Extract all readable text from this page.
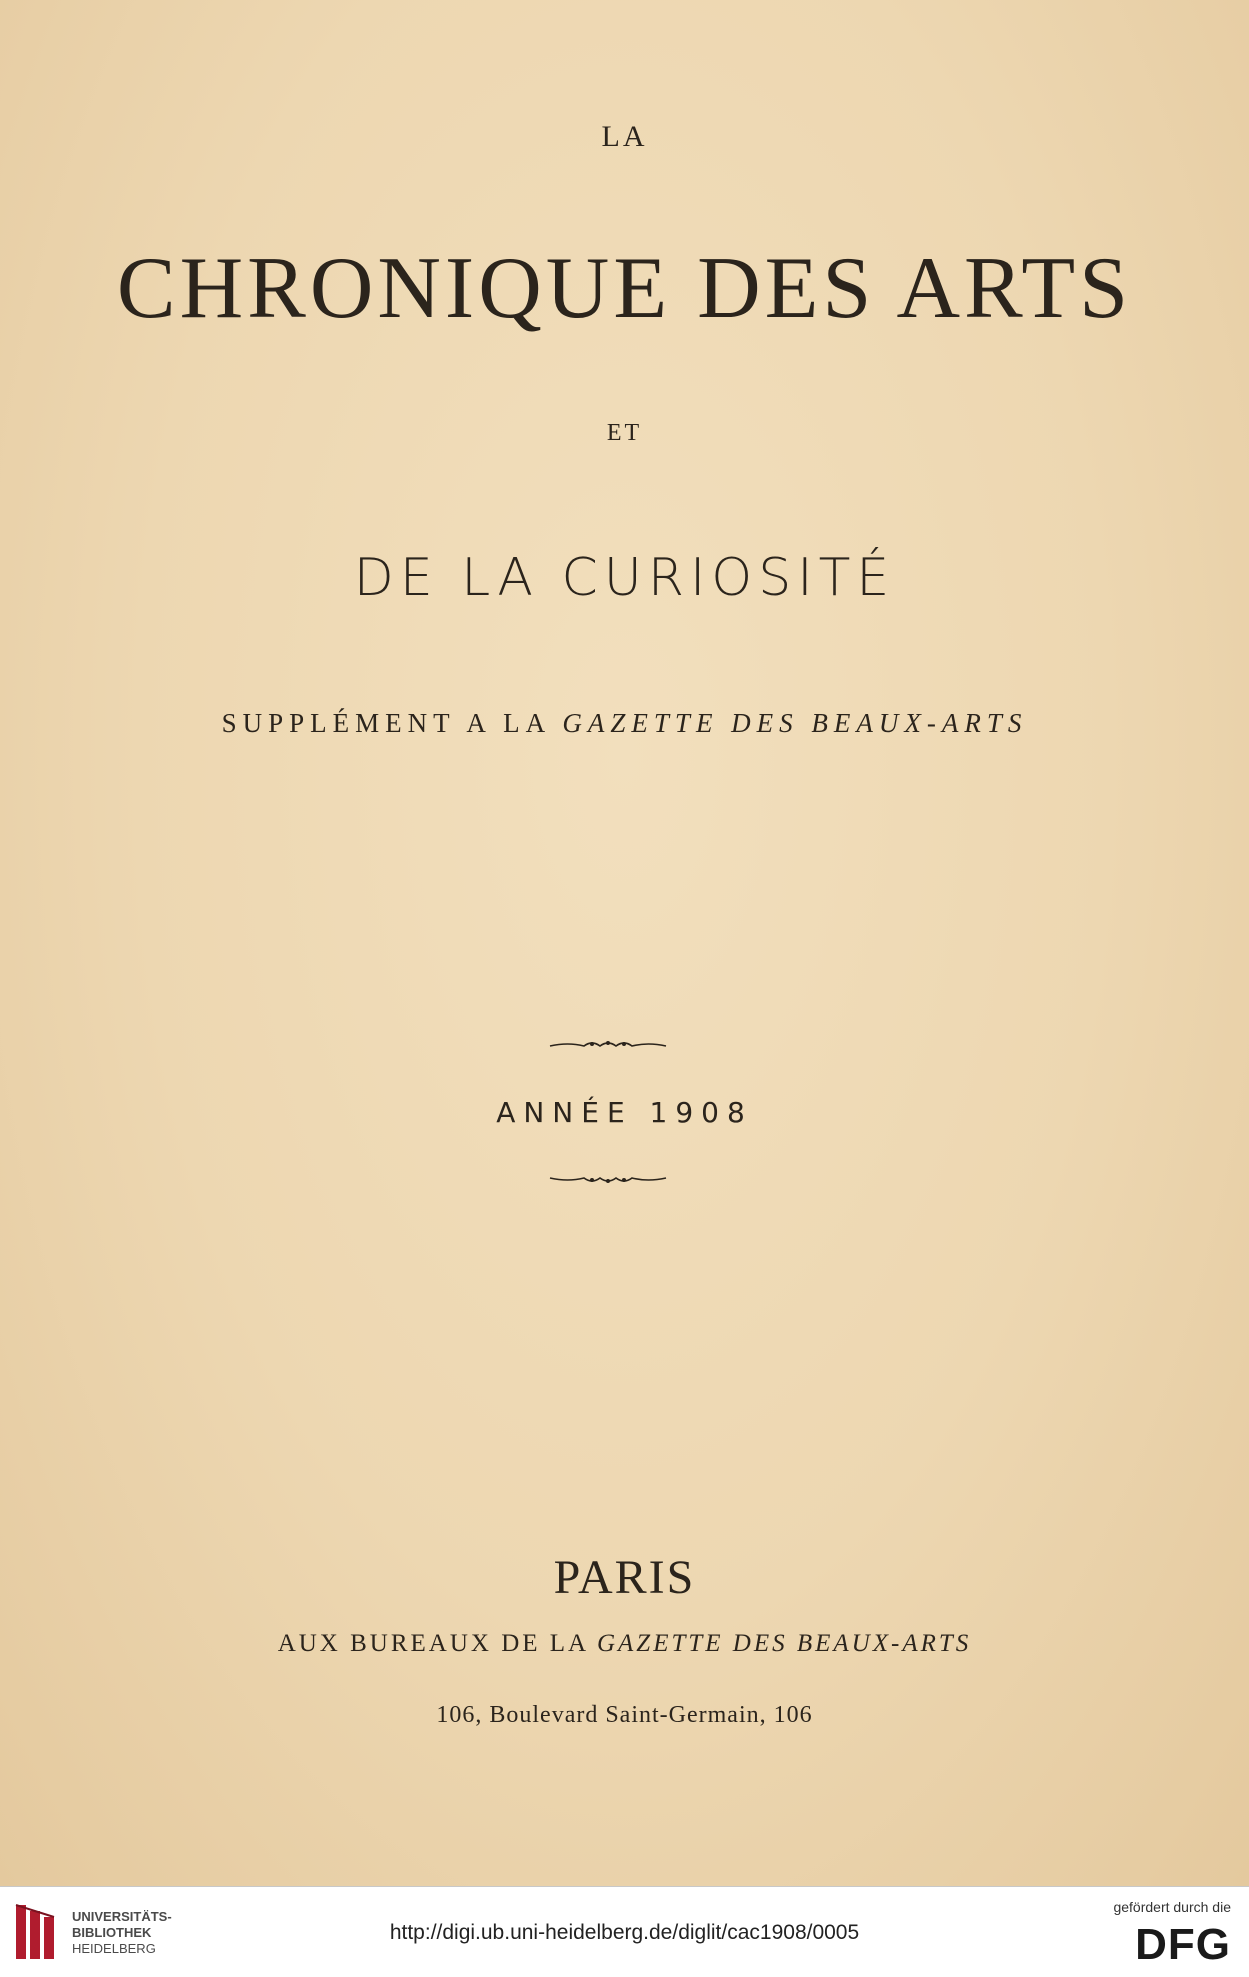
LA
CHRONIQUE DES ARTS
ET
DE LA CURIOSITÉ
SUPPLÉMENT A LA GAZETTE DES BEAUX-ARTS
ANNÉE 1908
PARIS
AUX BUREAUX DE LA GAZETTE DES BEAUX-ARTS
106, Boulevard Saint-Germain, 106
UNIVERSITÄTS-
BIBLIOTHEK
HEIDELBERG
http://digi.ub.uni-heidelberg.de/diglit/cac1908/0005
gefördert durch die
DFG
